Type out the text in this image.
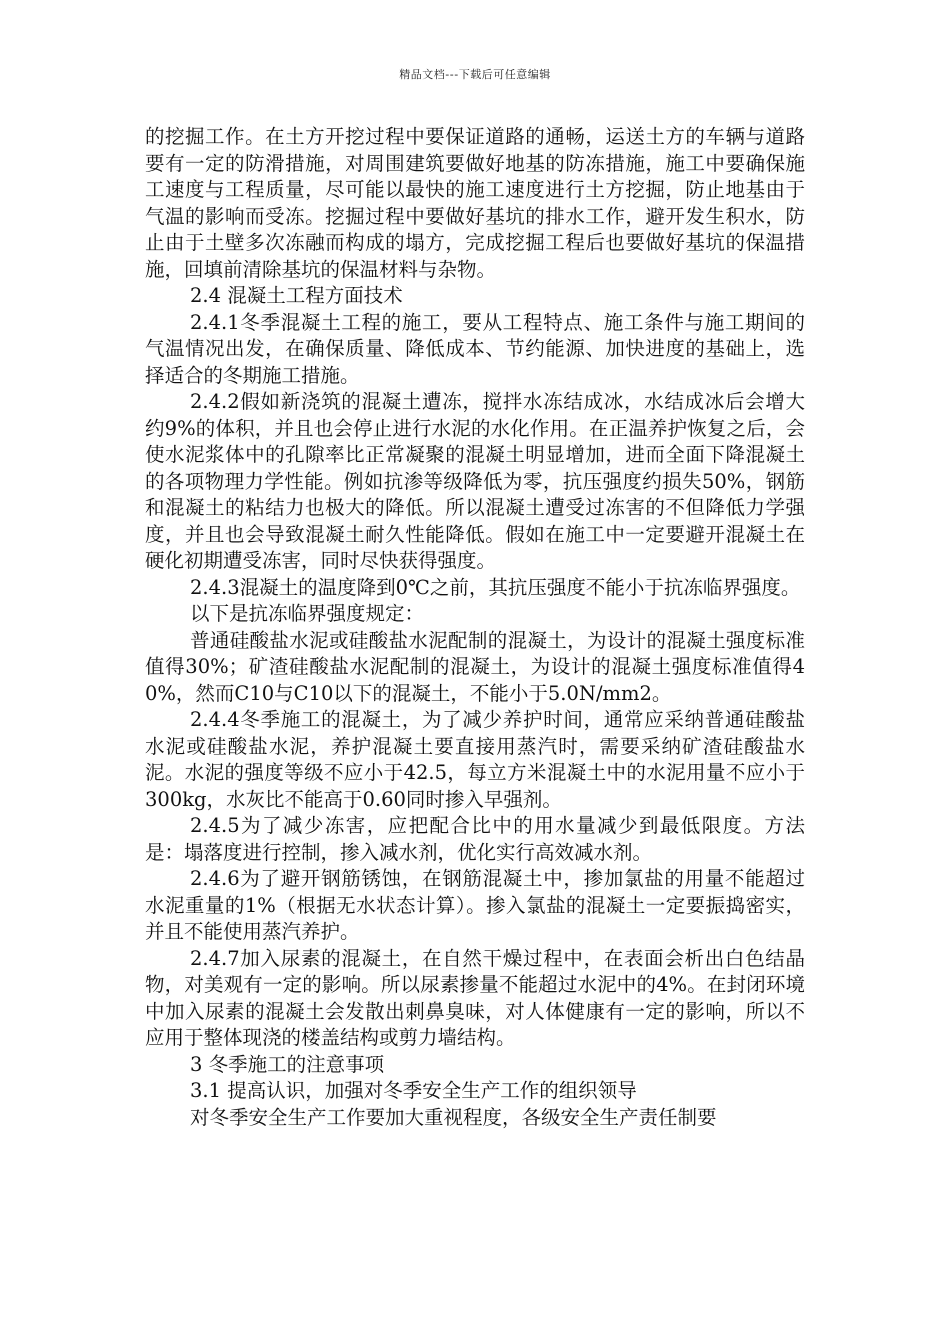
精品文档---下载后可任意编辑

的挖掘工作。在土方开挖过程中要保证道路的通畅，运送土方的车辆与道路要有一定的防滑措施，对周围建筑要做好地基的防冻措施，施工中要确保施工速度与工程质量，尽可能以最快的施工速度进行土方挖掘，防止地基由于气温的影响而受冻。挖掘过程中要做好基坑的排水工作，避开发生积水，防止由于土壁多次冻融而构成的塌方，完成挖掘工程后也要做好基坑的保温措施，回填前清除基坑的保温材料与杂物。

2.4 混凝土工程方面技术

2.4.1冬季混凝土工程的施工，要从工程特点、施工条件与施工期间的气温情况出发，在确保质量、降低成本、节约能源、加快进度的基础上，选择适合的冬期施工措施。

2.4.2假如新浇筑的混凝土遭冻，搅拌水冻结成冰，水结成冰后会增大约9%的体积，并且也会停止进行水泥的水化作用。在正温养护恢复之后，会使水泥浆体中的孔隙率比正常凝聚的混凝土明显增加，进而全面下降混凝土的各项物理力学性能。例如抗渗等级降低为零，抗压强度约损失50%，钢筋和混凝土的粘结力也极大的降低。所以混凝土遭受过冻害的不但降低力学强度，并且也会导致混凝土耐久性能降低。假如在施工中一定要避开混凝土在硬化初期遭受冻害，同时尽快获得强度。

2.4.3混凝土的温度降到0℃之前，其抗压强度不能小于抗冻临界强度。

以下是抗冻临界强度规定：

普通硅酸盐水泥或硅酸盐水泥配制的混凝土，为设计的混凝土强度标准值得30%；矿渣硅酸盐水泥配制的混凝土，为设计的混凝土强度标准值得40%，然而C10与C10以下的混凝土，不能小于5.0N/mm2。

2.4.4冬季施工的混凝土，为了减少养护时间，通常应采纳普通硅酸盐水泥或硅酸盐水泥，养护混凝土要直接用蒸汽时，需要采纳矿渣硅酸盐水泥。水泥的强度等级不应小于42.5，每立方米混凝土中的水泥用量不应小于300kg，水灰比不能高于0.60同时掺入早强剂。

2.4.5为了减少冻害，应把配合比中的用水量减少到最低限度。方法是：塌落度进行控制，掺入减水剂，优化实行高效减水剂。

2.4.6为了避开钢筋锈蚀，在钢筋混凝土中，掺加氯盐的用量不能超过水泥重量的1%（根据无水状态计算）。掺入氯盐的混凝土一定要振捣密实，并且不能使用蒸汽养护。

2.4.7加入尿素的混凝土，在自然干燥过程中，在表面会析出白色结晶物，对美观有一定的影响。所以尿素掺量不能超过水泥中的4%。在封闭环境中加入尿素的混凝土会发散出刺鼻臭味，对人体健康有一定的影响，所以不应用于整体现浇的楼盖结构或剪力墙结构。

3 冬季施工的注意事项

3.1 提高认识，加强对冬季安全生产工作的组织领导

对冬季安全生产工作要加大重视程度，各级安全生产责任制要
